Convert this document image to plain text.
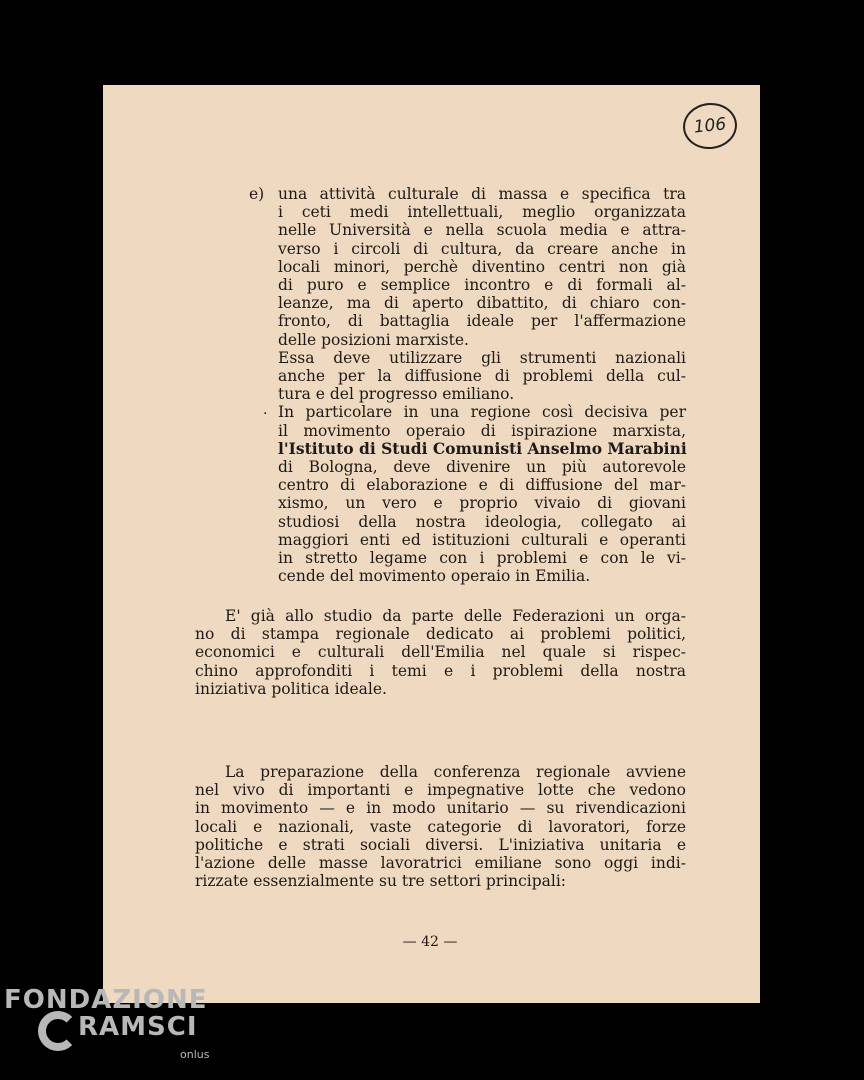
106
e)
·
una attività culturale di massa e specifica tra
i ceti medi intellettuali, meglio organizzata
nelle Università e nella scuola media e attra-
verso i circoli di cultura, da creare anche in
locali minori, perchè diventino centri non già
di puro e semplice incontro e di formali al-
leanze, ma di aperto dibattito, di chiaro con-
fronto, di battaglia ideale per l'affermazione
delle posizioni marxiste.
Essa deve utilizzare gli strumenti nazionali
anche per la diffusione di problemi della cul-
tura e del progresso emiliano.
In particolare in una regione così decisiva per
il movimento operaio di ispirazione marxista,
l'Istituto di Studi Comunisti Anselmo Marabini
di Bologna, deve divenire un più autorevole
centro di elaborazione e di diffusione del mar-
xismo, un vero e proprio vivaio di giovani
studiosi della nostra ideologia, collegato ai
maggiori enti ed istituzioni culturali e operanti
in stretto legame con i problemi e con le vi-
cende del movimento operaio in Emilia.
E' già allo studio da parte delle Federazioni un orga-
no di stampa regionale dedicato ai problemi politici,
economici e culturali dell'Emilia nel quale si rispec-
chino approfonditi i temi e i problemi della nostra
iniziativa politica ideale.
La preparazione della conferenza regionale avviene
nel vivo di importanti e impegnative lotte che vedono
in movimento — e in modo unitario — su rivendicazioni
locali e nazionali, vaste categorie di lavoratori, forze
politiche e strati sociali diversi. L'iniziativa unitaria e
l'azione delle masse lavoratrici emiliane sono oggi indi-
rizzate essenzialmente su tre settori principali:
— 42 —
FONDAZIONE
RAMSCI
onlus
